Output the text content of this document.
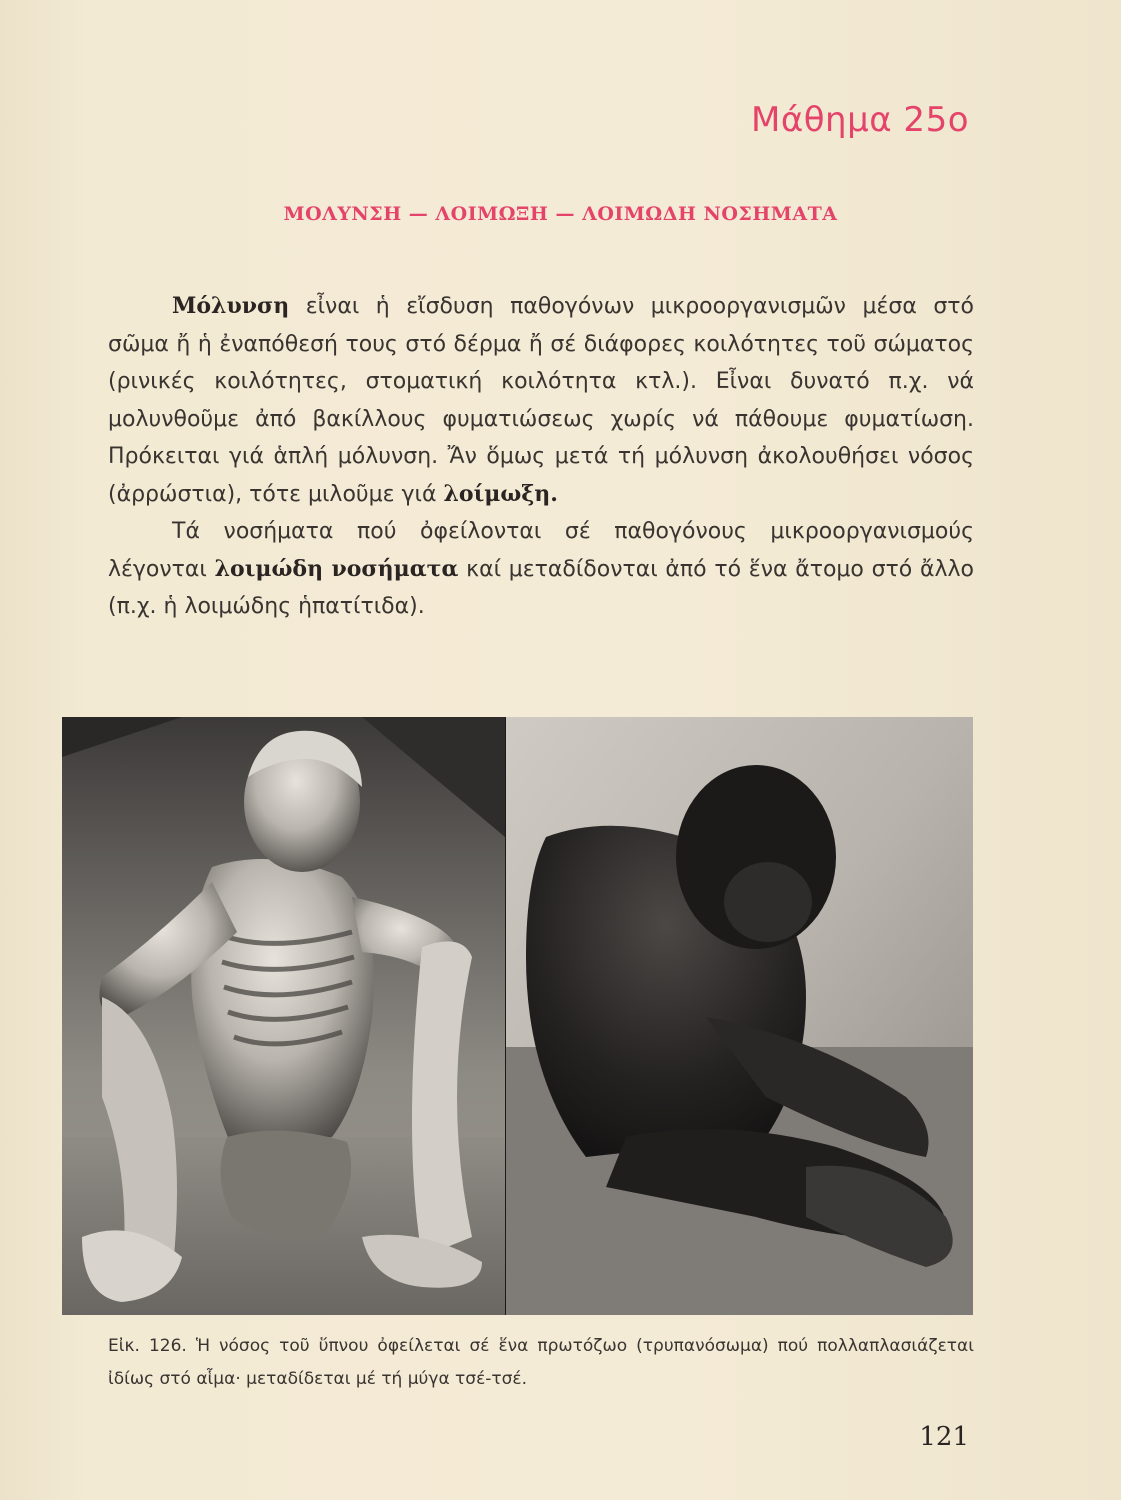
Μάθημα 25ο
ΜΟΛΥΝΣΗ — ΛΟΙΜΩΞΗ — ΛΟΙΜΩΔΗ ΝΟΣΗΜΑΤΑ

Μόλυνση εἶναι ἡ εἴσδυση παθογόνων μικροοργανισμῶν μέσα στό σῶμα ἤ ἡ ἐναπόθεσή τους στό δέρμα ἤ σέ διάφορες κοιλότητες τοῦ σώματος (ρινικές κοιλότητες, στοματική κοιλότητα κτλ.). Εἶναι δυνατό π.χ. νά μολυνθοῦμε ἀπό βακίλλους φυματιώσεως χωρίς νά πάθουμε φυματίωση. Πρόκειται γιά ἁπλή μόλυνση. Ἄν ὅμως μετά τή μόλυνση ἀκολουθήσει νόσος (ἀρρώστια), τότε μιλοῦμε γιά λοίμωξη.

Τά νοσήματα πού ὀφείλονται σέ παθογόνους μικροοργανισμούς λέγονται λοιμώδη νοσήματα καί μεταδίδονται ἀπό τό ἕνα ἄτομο στό ἄλλο (π.χ. ἡ λοιμώδης ἡπατίτιδα).

Εἰκ. 126. Ἡ νόσος τοῦ ὕπνου ὀφείλεται σέ ἕνα πρωτόζωο (τρυπανόσωμα) πού πολλαπλασιάζεται ἰδίως στό αἷμα· μεταδίδεται μέ τή μύγα τσέ-τσέ.
121
